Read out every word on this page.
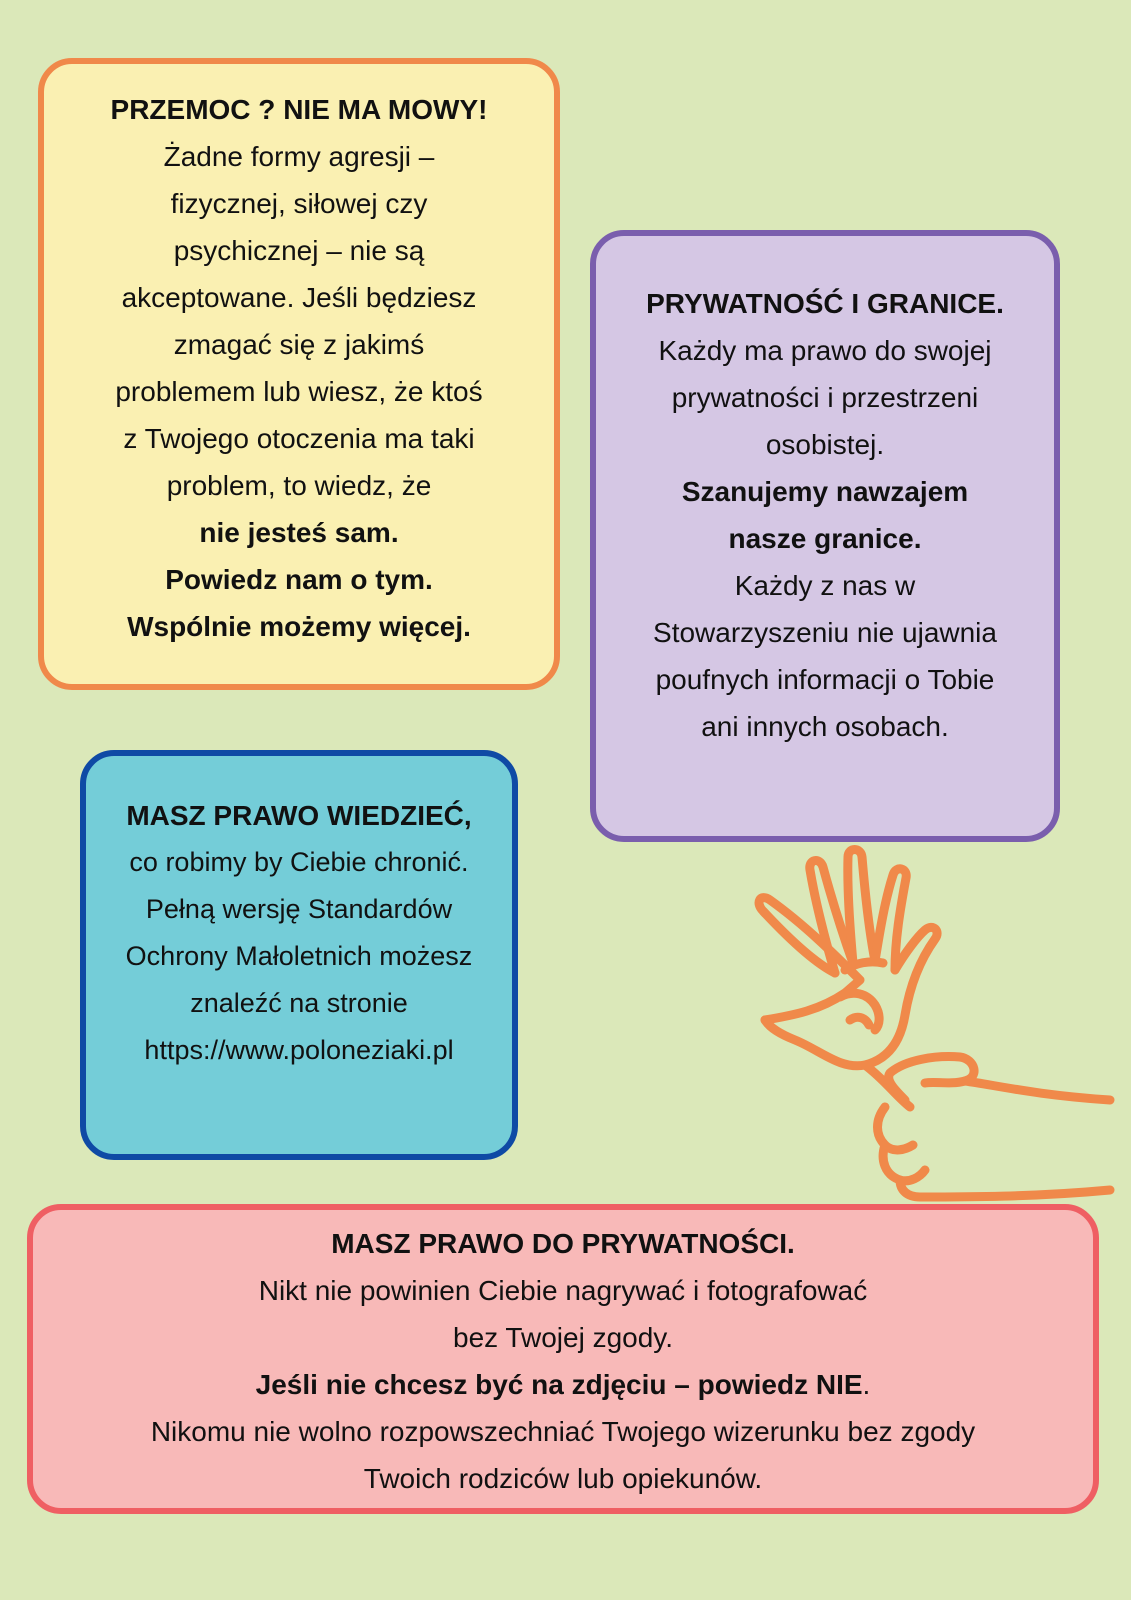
PRZEMOC ? NIE MA MOWY!

Żadne formy agresji –

fizycznej, siłowej czy

psychicznej – nie są

akceptowane. Jeśli będziesz

zmagać się z jakimś

problemem lub wiesz, że ktoś

z Twojego otoczenia ma taki

problem, to wiedz, że

nie jesteś sam.

Powiedz nam o tym.

Wspólnie możemy więcej.

PRYWATNOŚĆ I GRANICE.

Każdy ma prawo do swojej

prywatności i przestrzeni

osobistej.

Szanujemy nawzajem

nasze granice.

Każdy z nas w

Stowarzyszeniu nie ujawnia

poufnych informacji o Tobie

ani innych osobach.

MASZ PRAWO WIEDZIEĆ,

co robimy by Ciebie chronić.

Pełną wersję Standardów

Ochrony Małoletnich możesz

znaleźć na stronie

https://www.poloneziaki.pl

MASZ PRAWO DO PRYWATNOŚCI.

Nikt nie powinien Ciebie nagrywać i fotografować

bez Twojej zgody.

Jeśli nie chcesz być na zdjęciu – powiedz NIE.

Nikomu nie wolno rozpowszechniać Twojego wizerunku bez zgody

Twoich rodziców lub opiekunów.
